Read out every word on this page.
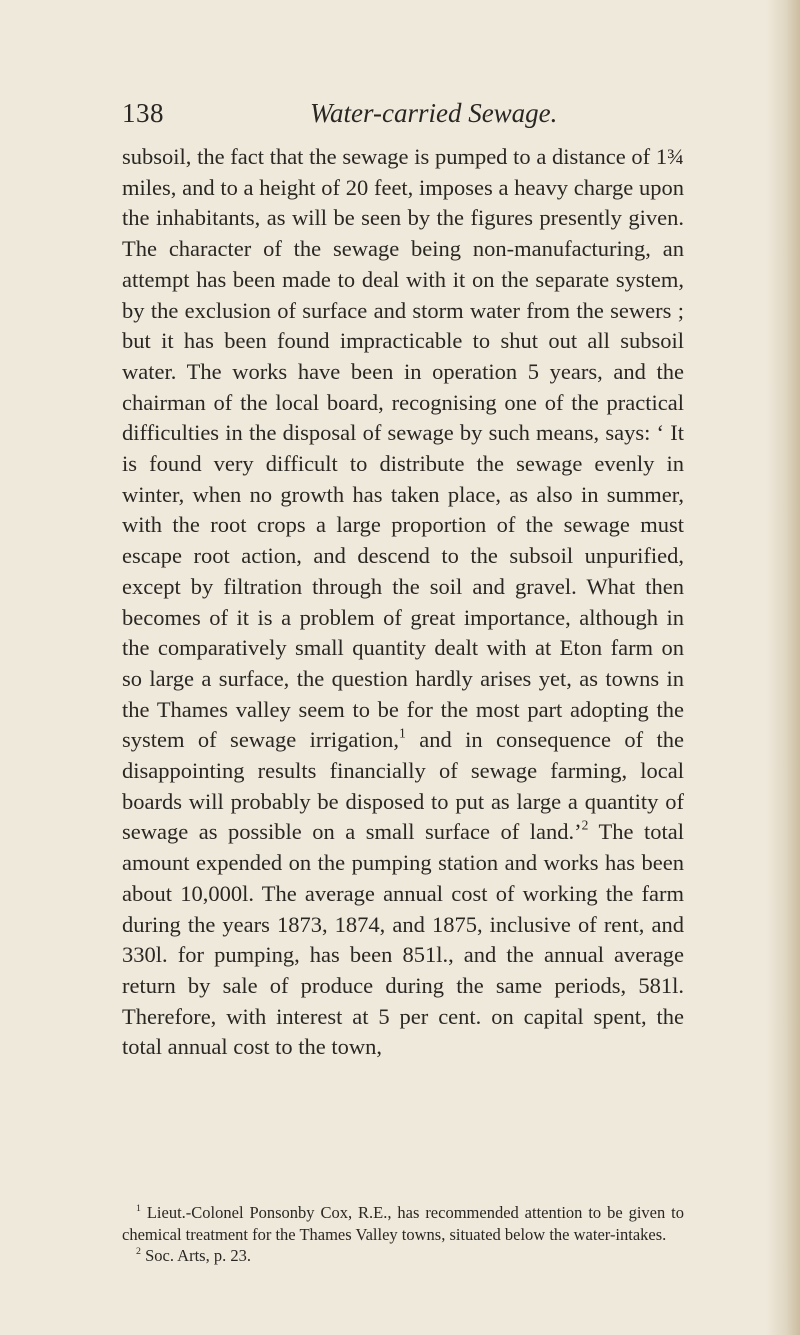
138	Water-carried Sewage.

subsoil, the fact that the sewage is pumped to a distance of 1¾ miles, and to a height of 20 feet, imposes a heavy charge upon the inhabitants, as will be seen by the figures presently given. The character of the sewage being non-manufacturing, an attempt has been made to deal with it on the separate system, by the exclusion of surface and storm water from the sewers ; but it has been found impracticable to shut out all subsoil water. The works have been in operation 5 years, and the chairman of the local board, recognising one of the practical difficulties in the disposal of sewage by such means, says: ‘ It is found very difficult to distribute the sewage evenly in winter, when no growth has taken place, as also in summer, with the root crops a large proportion of the sewage must escape root action, and descend to the subsoil unpurified, except by filtration through the soil and gravel. What then becomes of it is a problem of great importance, although in the comparatively small quantity dealt with at Eton farm on so large a surface, the question hardly arises yet, as towns in the Thames valley seem to be for the most part adopting the system of sewage irrigation,$^1$ and in consequence of the disappointing results financially of sewage farming, local boards will probably be disposed to put as large a quantity of sewage as possible on a small surface of land.’$^2$ The total amount expended on the pumping station and works has been about 10,000l. The average annual cost of working the farm during the years 1873, 1874, and 1875, inclusive of rent, and 330l. for pumping, has been 851l., and the annual average return by sale of produce during the same periods, 581l. Therefore, with interest at 5 per cent. on capital spent, the total annual cost to the town,

$^1$ Lieut.-Colonel Ponsonby Cox, R.E., has recommended attention to be given to chemical treatment for the Thames Valley towns, situated below the water-intakes.

$^2$ Soc. Arts, p. 23.
